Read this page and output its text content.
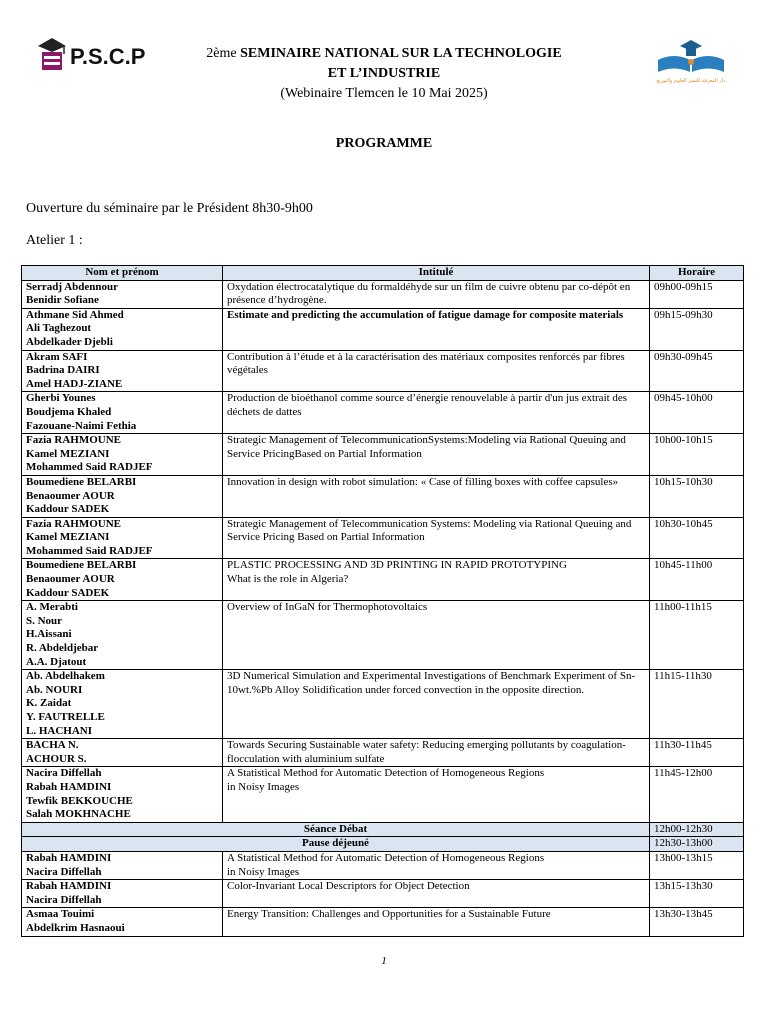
P.S.C.P
دار المعرفة للنشر العلوم والتوزيع
2ème SEMINAIRE NATIONAL SUR LA TECHNOLOGIE
ET L’INDUSTRIE
(Webinaire Tlemcen le 10 Mai 2025)
PROGRAMME
Ouverture du séminaire par le Président 8h30-9h00
Atelier 1 :
Nom et prénom	Intitulé	Horaire
Serradj Abdennour
Benidir Sofiane	Oxydation électrocatalytique du formaldéhyde sur un film de cuivre obtenu par co-dépôt en présence d’hydrogène.	09h00-09h15
Athmane Sid Ahmed
Ali Taghezout
Abdelkader Djebli	Estimate and predicting the accumulation of fatigue damage for composite materials	09h15-09h30
Akram SAFI
Badrina DAIRI
Amel HADJ-ZIANE	Contribution à l’étude et à la caractérisation des matériaux composites renforcés par fibres végétales	09h30-09h45
Gherbi Younes
Boudjema Khaled
Fazouane-Naimi Fethia	Production de bioéthanol comme source d’énergie renouvelable à partir d'un jus extrait des déchets de dattes	09h45-10h00
Fazia RAHMOUNE
Kamel MEZIANI
Mohammed Said RADJEF	Strategic Management of TelecommunicationSystems:Modeling via Rational Queuing and Service PricingBased on Partial Information	10h00-10h15
Boumediene BELARBI
Benaoumer AOUR
Kaddour SADEK	Innovation in design with robot simulation: « Case of filling boxes with coffee capsules»	10h15-10h30
Fazia RAHMOUNE
Kamel MEZIANI
Mohammed Said RADJEF	Strategic Management of Telecommunication Systems: Modeling via Rational Queuing and Service Pricing Based on Partial Information	10h30-10h45
Boumediene BELARBI
Benaoumer AOUR
Kaddour SADEK	PLASTIC PROCESSING AND 3D PRINTING IN RAPID PROTOTYPING
What is the role in Algeria?	10h45-11h00
A. Merabti
S. Nour
H.Aissani
R. Abdeldjebar
A.A. Djatout	Overview of InGaN for Thermophotovoltaics	11h00-11h15
Ab. Abdelhakem
Ab. NOURI
K. Zaidat
Y. FAUTRELLE
L. HACHANI	3D Numerical Simulation and Experimental Investigations of Benchmark Experiment of Sn-10wt.%Pb Alloy Solidification under forced convection in the opposite direction.	11h15-11h30
BACHA N.
ACHOUR S.	Towards Securing Sustainable water safety: Reducing emerging pollutants by coagulation-flocculation with aluminium sulfate	11h30-11h45
Nacira Diffellah
Rabah HAMDINI
Tewfik BEKKOUCHE
Salah MOKHNACHE	A Statistical Method for Automatic Detection of Homogeneous Regions
in Noisy Images	11h45-12h00
Séance Débat		12h00-12h30
Pause déjeuné		12h30-13h00
Rabah HAMDINI
Nacira Diffellah	A Statistical Method for Automatic Detection of Homogeneous Regions
in Noisy Images	13h00-13h15
Rabah HAMDINI
Nacira Diffellah	Color-Invariant Local Descriptors for Object Detection	13h15-13h30
Asmaa Touimi
Abdelkrim Hasnaoui	Energy Transition: Challenges and Opportunities for a Sustainable Future	13h30-13h45
1
